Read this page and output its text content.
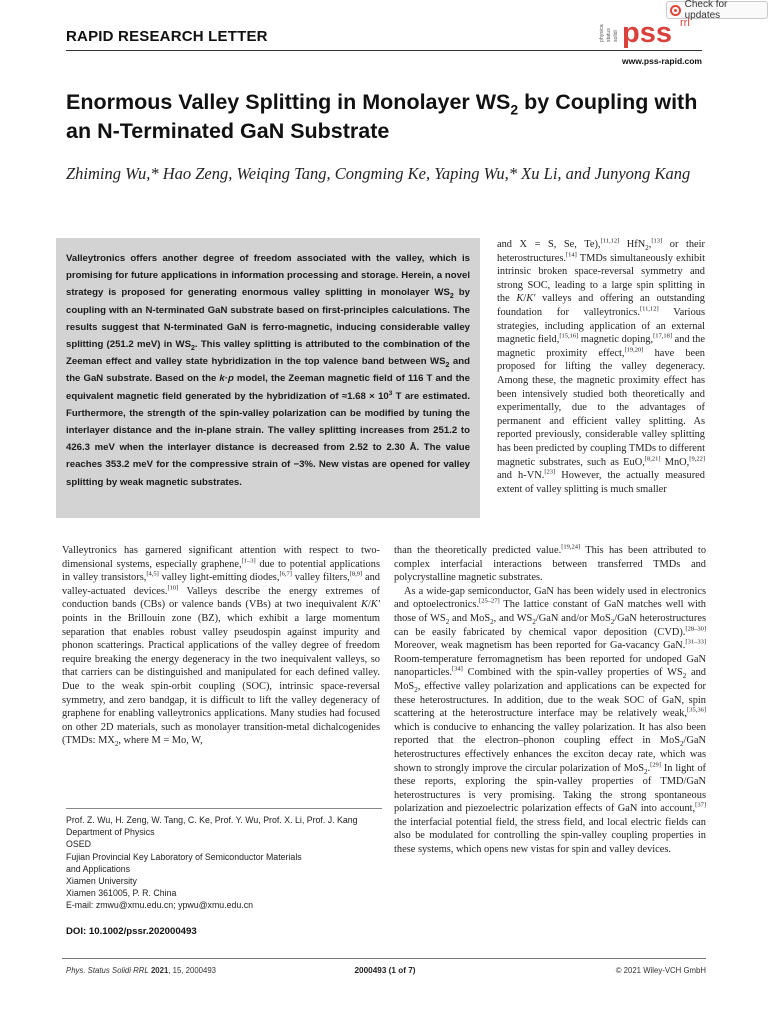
Check for updates
RAPID RESEARCH LETTER	physica status solidi pss rrl
www.pss-rapid.com
Enormous Valley Splitting in Monolayer $WS_2$ by Coupling with an N-Terminated GaN Substrate

Zhiming Wu,* Hao Zeng, Weiqing Tang, Congming Ke, Yaping Wu,* Xu Li, and Junyong Kang

Valleytronics offers another degree of freedom associated with the valley, which is promising for future applications in information processing and storage. Herein, a novel strategy is proposed for generating enormous valley splitting in monolayer $WS_2$ by coupling with an N-terminated GaN substrate based on first-principles calculations. The results suggest that N-terminated GaN is ferro-magnetic, inducing considerable valley splitting (251.2 meV) in $WS_2$. This valley splitting is attributed to the combination of the Zeeman effect and valley state hybridization in the top valence band between $WS_2$ and the GaN substrate. Based on the k·p model, the Zeeman magnetic field of 116 T and the equivalent magnetic field generated by the hybridization of $\approx 1.68 \times 10^3$ T are estimated. Furthermore, the strength of the spin-valley polarization can be modified by tuning the interlayer distance and the in-plane strain. The valley splitting increases from 251.2 to 426.3 meV when the interlayer distance is decreased from 2.52 to 2.30 Å. The value reaches 353.2 meV for the compressive strain of −3%. New vistas are opened for valley splitting by weak magnetic substrates.

and X = S, Se, Te),[11,12] HfN$_2$,[13] or their heterostructures.[14] TMDs simultaneously exhibit intrinsic broken space-reversal symmetry and strong SOC, leading to a large spin splitting in the K/K′ valleys and offering an outstanding foundation for valleytronics.[11,12] Various strategies, including application of an external magnetic field,[15,16] magnetic doping,[17,18] and the magnetic proximity effect,[19,20] have been proposed for lifting the valley degeneracy. Among these, the magnetic proximity effect has been intensively studied both theoretically and experimentally, due to the advantages of permanent and efficient valley splitting. As reported previously, considerable valley splitting has been predicted by coupling TMDs to different magnetic substrates, such as EuO,[8,21] MnO,[9,22] and h-VN.[23] However, the actually measured extent of valley splitting is much smaller

Valleytronics has garnered significant attention with respect to two-dimensional systems, especially graphene,[1–3] due to potential applications in valley transistors,[4,5] valley light-emitting diodes,[6,7] valley filters,[8,9] and valley-actuated devices.[10] Valleys describe the energy extremes of conduction bands (CBs) or valence bands (VBs) at two inequivalent K/K′ points in the Brillouin zone (BZ), which exhibit a large momentum separation that enables robust valley pseudospin against impurity and phonon scatterings. Practical applications of the valley degree of freedom require breaking the energy degeneracy in the two inequivalent valleys, so that carriers can be distinguished and manipulated for each defined valley. Due to the weak spin-orbit coupling (SOC), intrinsic space-reversal symmetry, and zero bandgap, it is difficult to lift the valley degeneracy of graphene for enabling valleytronics applications. Many studies had focused on other 2D materials, such as monolayer transition-metal dichalcogenides (TMDs: $MX_2$, where M = Mo, W,

than the theoretically predicted value.[19,24] This has been attributed to complex interfacial interactions between transferred TMDs and polycrystalline magnetic substrates.

As a wide-gap semiconductor, GaN has been widely used in electronics and optoelectronics.[25–27] The lattice constant of GaN matches well with those of $WS_2$ and MoS$_2$, and $WS_2$/GaN and/or MoS$_2$/GaN heterostructures can be easily fabricated by chemical vapor deposition (CVD).[28–30] Moreover, weak magnetism has been reported for Ga-vacancy GaN.[31–33] Room-temperature ferromagnetism has been reported for undoped GaN nanoparticles.[34] Combined with the spin-valley properties of $WS_2$ and MoS$_2$, effective valley polarization and applications can be expected for these heterostructures. In addition, due to the weak SOC of GaN, spin scattering at the heterostructure interface may be relatively weak,[35,36] which is conducive to enhancing the valley polarization. It has also been reported that the electron–phonon coupling effect in MoS$_2$/GaN heterostructures effectively enhances the exciton decay rate, which was shown to strongly improve the circular polarization of MoS$_2$.[29] In light of these reports, exploring the spin-valley properties of TMD/GaN heterostructures is very promising. Taking the strong spontaneous polarization and piezoelectric polarization effects of GaN into account,[37] the interfacial potential field, the stress field, and local electric fields can also be modulated for controlling the spin-valley coupling properties in these systems, which opens new vistas for spin and valley devices.

Prof. Z. Wu, H. Zeng, W. Tang, C. Ke, Prof. Y. Wu, Prof. X. Li, Prof. J. Kang
Department of Physics
OSED
Fujian Provincial Key Laboratory of Semiconductor Materials
and Applications
Xiamen University
Xiamen 361005, P. R. China
E-mail: zmwu@xmu.edu.cn; ypwu@xmu.edu.cn
DOI: 10.1002/pssr.202000493
Phys. Status Solidi RRL 2021, 15, 2000493	2000493 (1 of 7)	© 2021 Wiley-VCH GmbH
